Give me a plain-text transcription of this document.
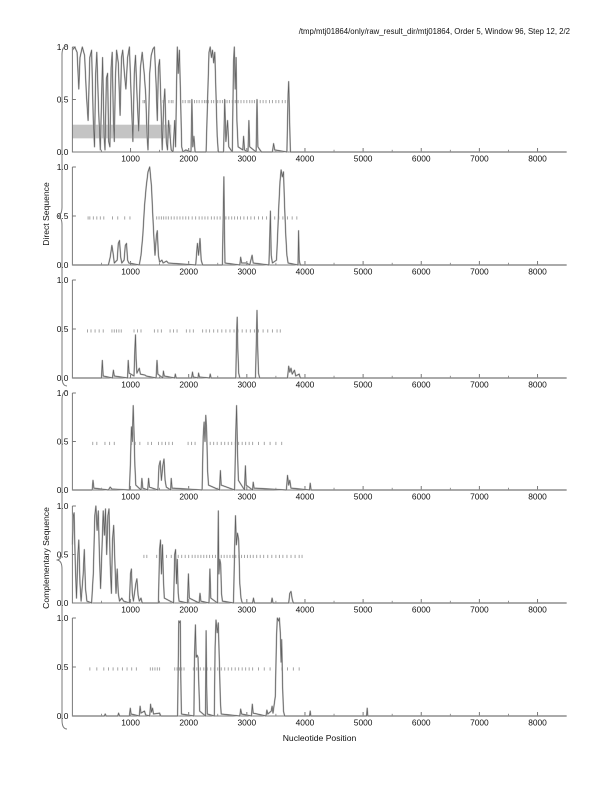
/tmp/mtj01864/only/raw_result_dir/mtj01864, Order 5, Window 96, Step 12, 2/2
Direct Sequence
Complementary Sequence
1000	2000	3000	4000	5000	6000	7000	8000
0.0
0.5
1.0
1000	2000	3000	4000	5000	6000	7000	8000
0.0
0.5
1.0
1000	2000	3000	4000	5000	6000	7000	8000
0.0
0.5
1.0
1000	2000	3000	4000	5000	6000	7000	8000
0.0
0.5
1.0
1000	2000	3000	4000	5000	6000	7000	8000
0.0
0.5
1.0
1000	2000	3000	4000	5000	6000	7000	8000
0.0
0.5
1.0
Nucleotide Position
